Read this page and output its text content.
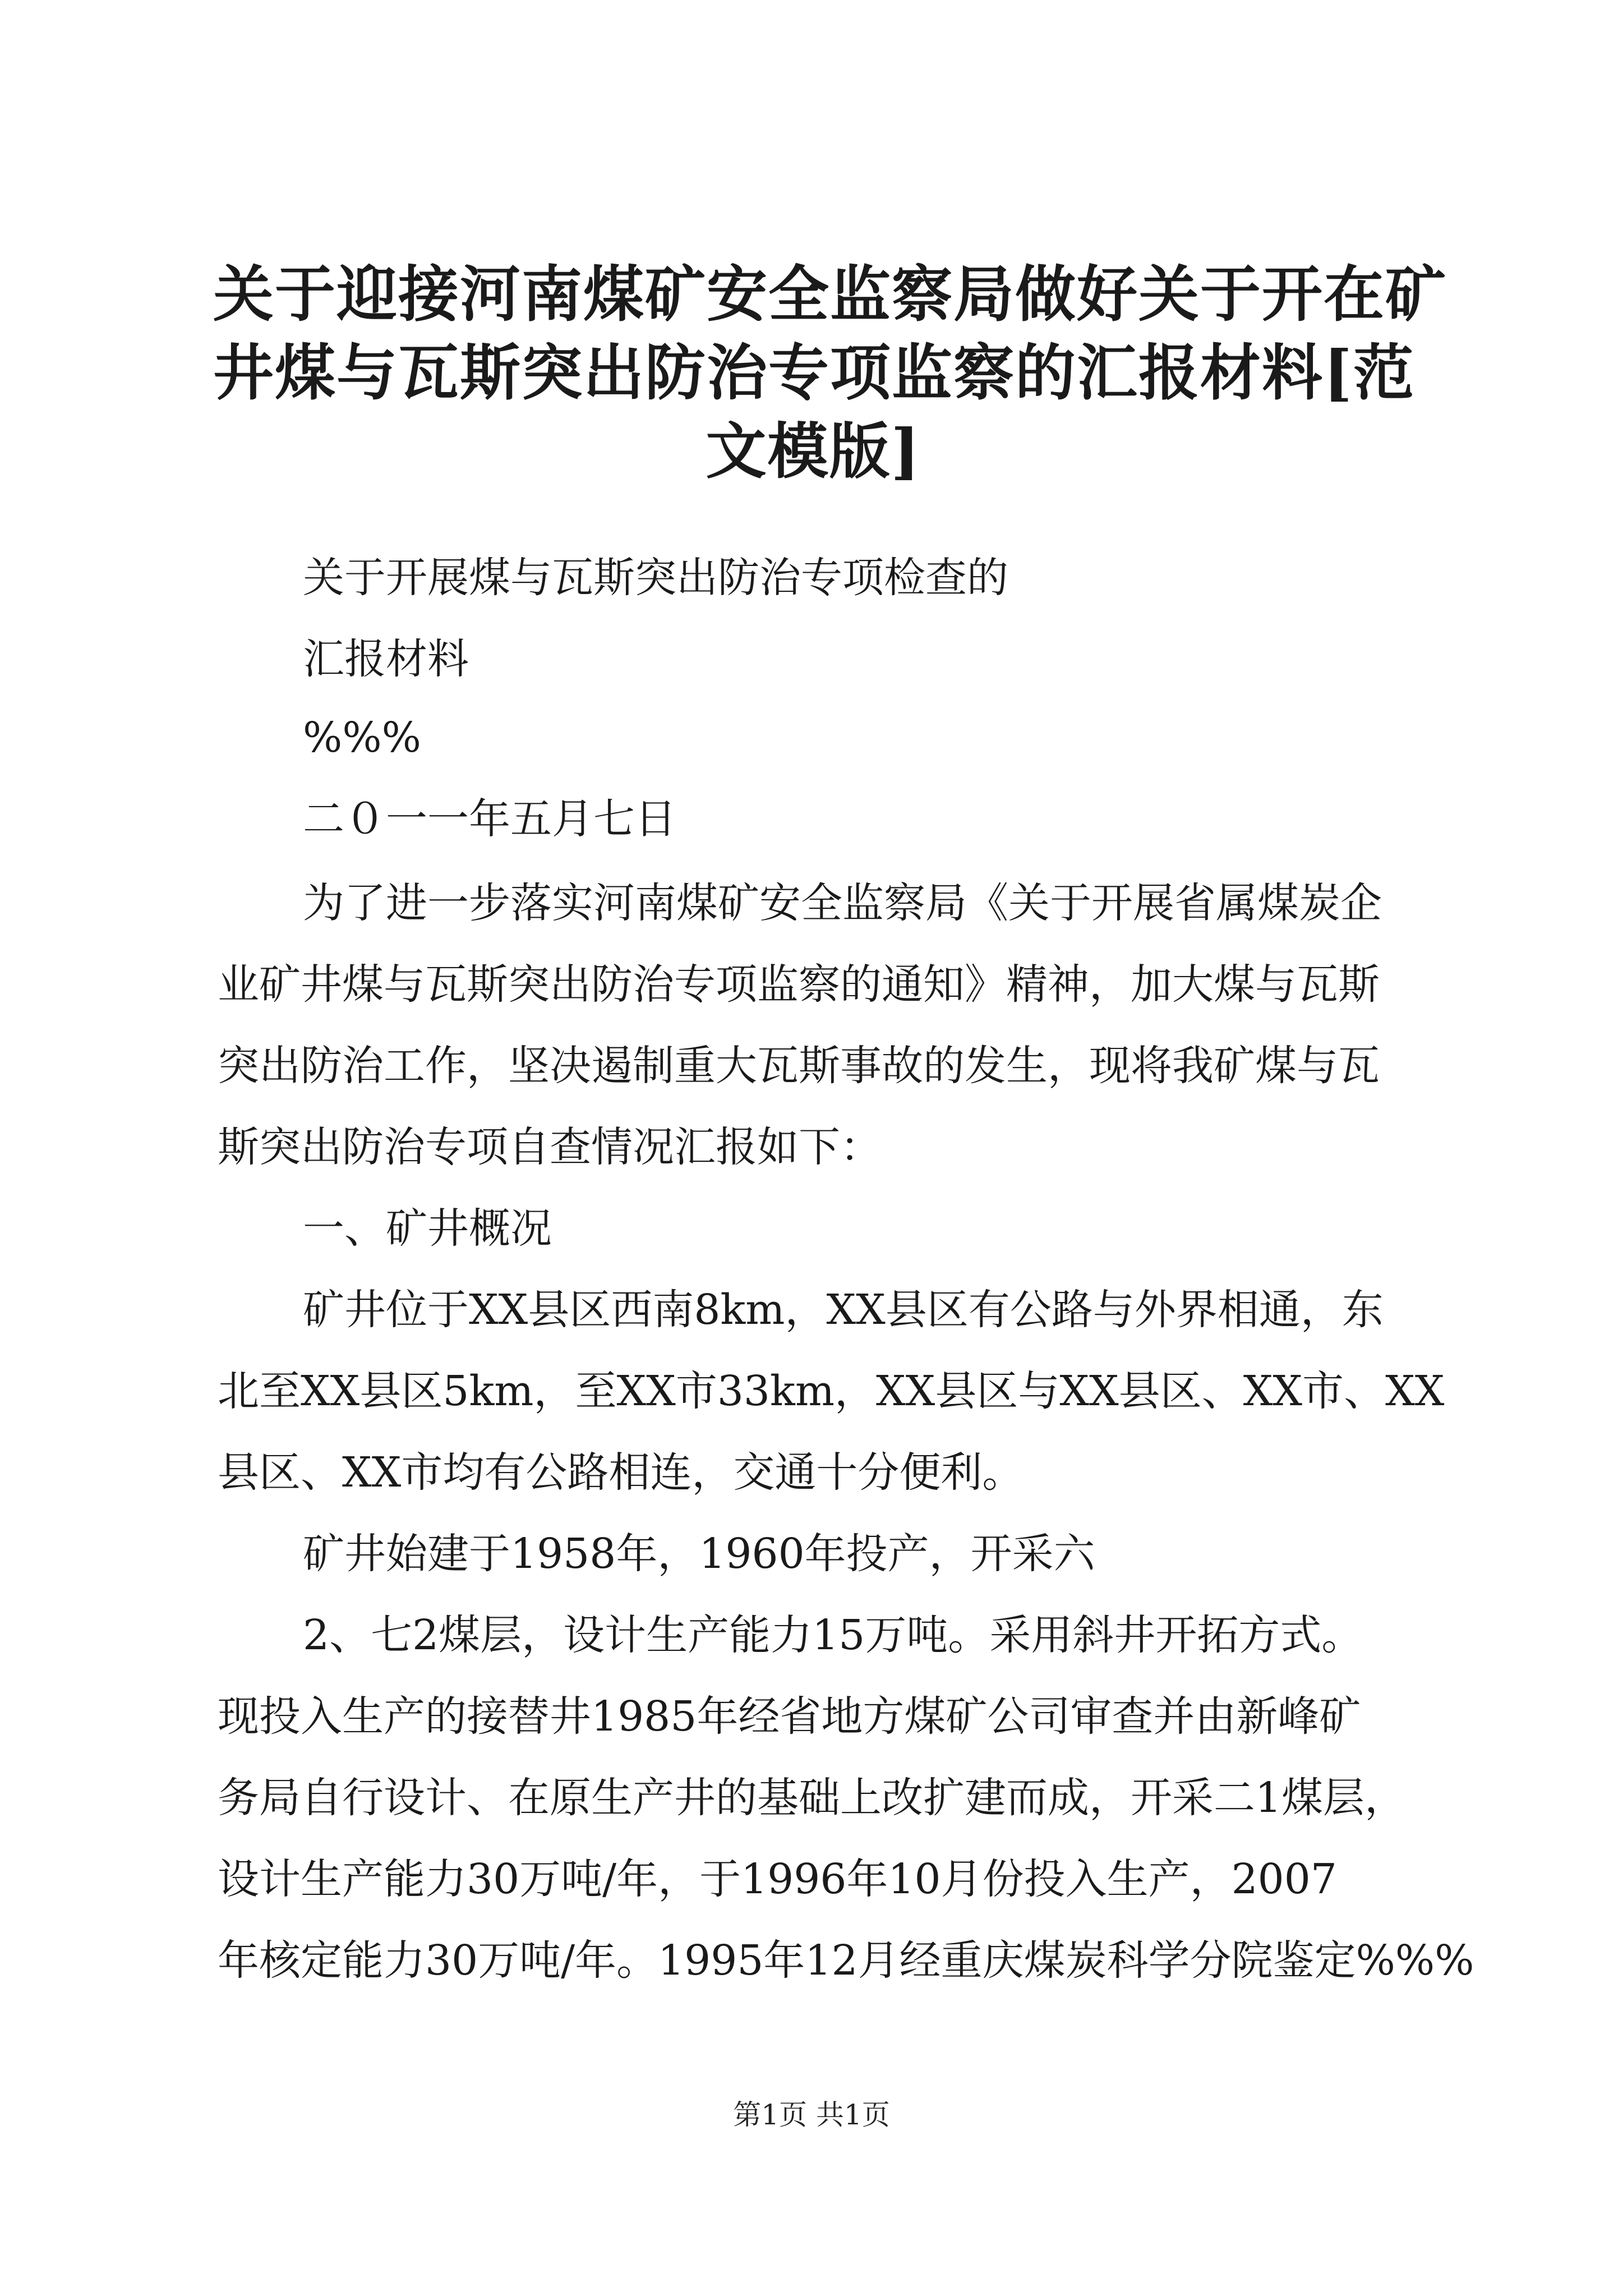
关于迎接河南煤矿安全监察局做好关于开在矿
井煤与瓦斯突出防治专项监察的汇报材料[范
文模版]
关于开展煤与瓦斯突出防治专项检查的
汇报材料
%%%
二０一一年五月七日
为了进一步落实河南煤矿安全监察局《关于开展省属煤炭企
业矿井煤与瓦斯突出防治专项监察的通知》精神，加大煤与瓦斯
突出防治工作，坚决遏制重大瓦斯事故的发生，现将我矿煤与瓦
斯突出防治专项自查情况汇报如下：
一、矿井概况
矿井位于XX县区西南8km，XX县区有公路与外界相通，东
北至XX县区5km，至XX市33km，XX县区与XX县区、XX市、XX
县区、XX市均有公路相连，交通十分便利。
矿井始建于1958年，1960年投产，开采六
2、七2煤层，设计生产能力15万吨。采用斜井开拓方式。
现投入生产的接替井1985年经省地方煤矿公司审查并由新峰矿
务局自行设计、在原生产井的基础上改扩建而成，开采二1煤层，
设计生产能力30万吨/年，于1996年10月份投入生产，2007
年核定能力30万吨/年。1995年12月经重庆煤炭科学分院鉴定%%%
第1页 共1页
